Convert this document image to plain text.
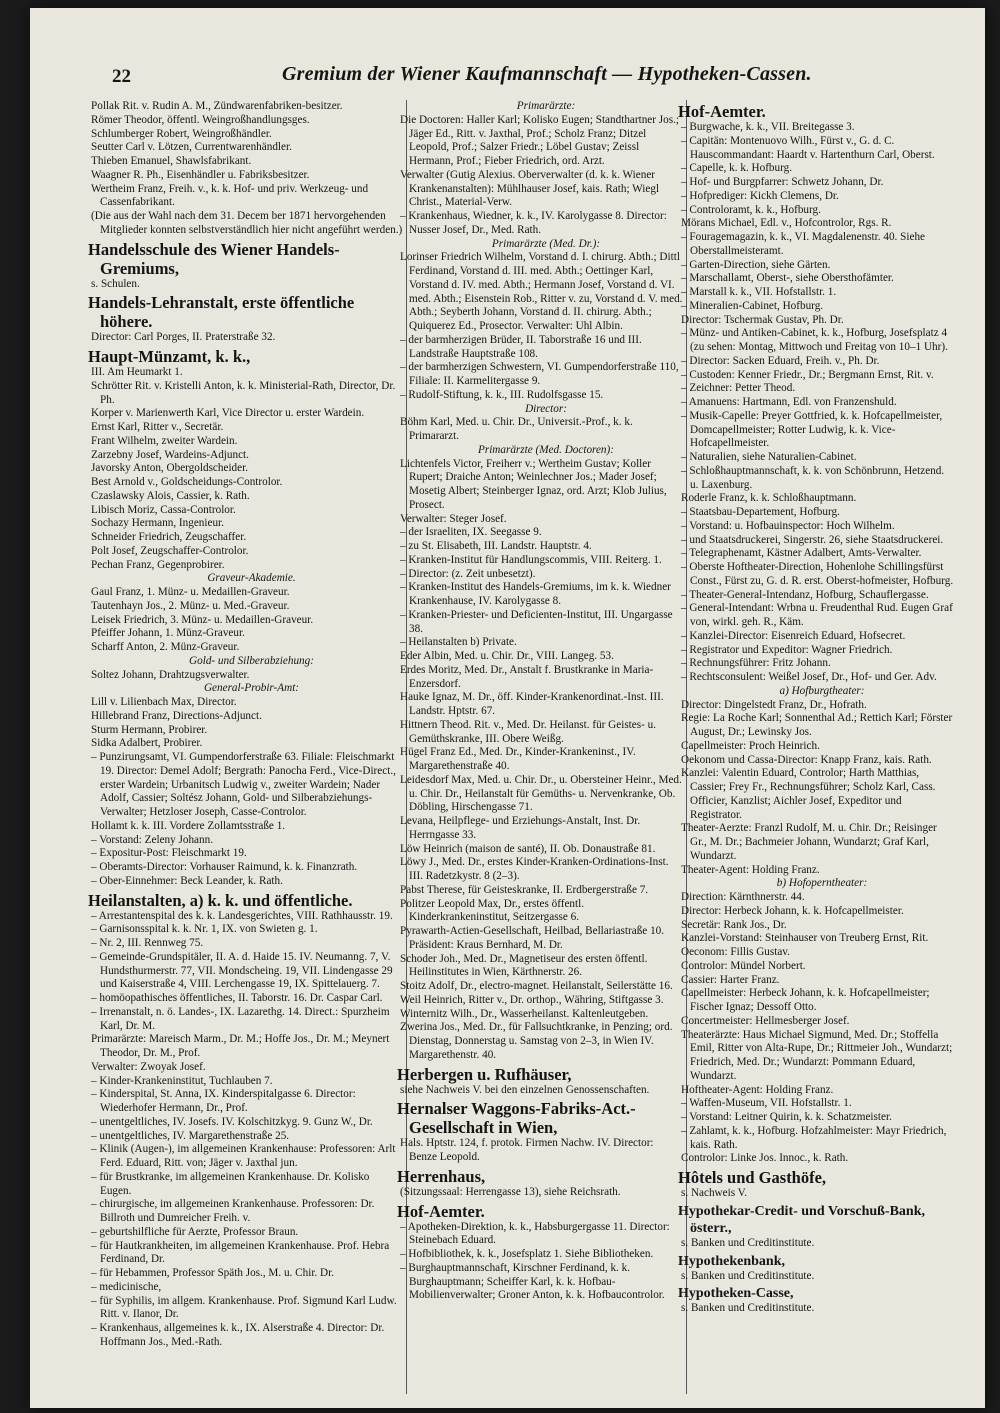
22	Gremium der Wiener Kaufmannschaft — Hypotheken-Cassen.
Pollak Rit. v. Rudin A. M., Zündwarenfabriken-besitzer.
Römer Theodor, öffentl. Weingroßhandlungsges.
Schlumberger Robert, Weingroßhändler.
Seutter Carl v. Lötzen, Currentwarenhändler.
Thieben Emanuel, Shawlsfabrikant.
Waagner R. Ph., Eisenhändler u. Fabriksbesitzer.
Wertheim Franz, Freih. v., k. k. Hof- und priv. Werkzeug- und Cassenfabrikant.
(Die aus der Wahl nach dem 31. Decem ber 1871 hervorgehenden Mitglieder konnten selbstverständlich hier nicht angeführt werden.)
Handelsschule des Wiener Handels-Gremiums,
s. Schulen.
Handels-Lehranstalt, erste öffentliche höhere.
Director: Carl Porges, II. Praterstraße 32.
Haupt-Münzamt, k. k.,
III. Am Heumarkt 1.
Schrötter Rit. v. Kristelli Anton, k. k. Ministerial-Rath, Director, Dr. Ph.
Korper v. Marienwerth Karl, Vice Director u. erster Wardein.
Ernst Karl, Ritter v., Secretär.
Frant Wilhelm, zweiter Wardein.
Zarzebny Josef, Wardeins-Adjunct.
Javorsky Anton, Obergoldscheider.
Best Arnold v., Goldscheidungs-Controlor.
Czaslawsky Alois, Cassier, k. Rath.
Libisch Moriz, Cassa-Controlor.
Sochazy Hermann, Ingenieur.
Schneider Friedrich, Zeugschaffer.
Polt Josef, Zeugschaffer-Controlor.
Pechan Franz, Gegenprobirer.
Graveur-Akademie.
Gaul Franz, 1. Münz- u. Medaillen-Graveur.
Tautenhayn Jos., 2. Münz- u. Med.-Graveur.
Leisek Friedrich, 3. Münz- u. Medaillen-Graveur.
Pfeiffer Johann, 1. Münz-Graveur.
Scharff Anton, 2. Münz-Graveur.
Gold- und Silberabziehung:
Soltez Johann, Drahtzugsverwalter.
General-Probir-Amt:
Lill v. Lilienbach Max, Director.
Hillebrand Franz, Directions-Adjunct.
Sturm Hermann, Probirer.
Sidka Adalbert, Probirer.
– Punzirungsamt, VI. Gumpendorferstraße 63. Filiale: Fleischmarkt 19. Director: Demel Adolf; Bergrath: Panocha Ferd., Vice-Direct., erster Wardein; Urbanitsch Ludwig v., zweiter Wardein; Nader Adolf, Cassier; Soltész Johann, Gold- und Silberabziehungs-Verwalter; Hetzloser Joseph, Casse-Controlor.
Hollamt k. k. III. Vordere Zollamtsstraße 1.
– Vorstand: Zeleny Johann.
– Expositur-Post: Fleischmarkt 19.
– Oberamts-Director: Vorhauser Raimund, k. k. Finanzrath.
– Ober-Einnehmer: Beck Leander, k. Rath.
Heilanstalten, a) k. k. und öffentliche.
– Arrestantenspital des k. k. Landesgerichtes, VIII. Rathhausstr. 19.
– Garnisonsspital k. k. Nr. 1, IX. von Swieten g. 1.
– Nr. 2, III. Rennweg 75.
– Gemeinde-Grundspitäler, II. A. d. Haide 15. IV. Neumanng. 7, V. Hundsthurmerstr. 77, VII. Mondscheing. 19, VII. Lindengasse 29 und Kaiserstraße 4, VIII. Lerchengasse 19, IX. Spittelauerg. 7.
– homöopathisches öffentliches, II. Taborstr. 16. Dr. Caspar Carl.
– Irrenanstalt, n. ö. Landes-, IX. Lazarethg. 14. Direct.: Spurzheim Karl, Dr. M.
Primarärzte: Mareisch Marm., Dr. M.; Hoffe Jos., Dr. M.; Meynert Theodor, Dr. M., Prof.
Verwalter: Zwoyak Josef.
– Kinder-Krankeninstitut, Tuchlauben 7.
– Kinderspital, St. Anna, IX. Kinderspitalgasse 6. Director: Wiederhofer Hermann, Dr., Prof.
– unentgeltliches, IV. Josefs. IV. Kolschitzkyg. 9. Gunz W., Dr.
– unentgeltliches, IV. Margarethenstraße 25.
– Klinik (Augen-), im allgemeinen Krankenhause: Professoren: Arlt Ferd. Eduard, Ritt. von; Jäger v. Jaxthal jun.
– für Brustkranke, im allgemeinen Krankenhause. Dr. Kolisko Eugen.
– chirurgische, im allgemeinen Krankenhause. Professoren: Dr. Billroth und Dumreicher Freih. v.
– geburtshilfliche für Aerzte, Professor Braun.
– für Hautkrankheiten, im allgemeinen Krankenhause. Prof. Hebra Ferdinand, Dr.
– für Hebammen, Professor Späth Jos., M. u. Chir. Dr.
– medicinische,
– für Syphilis, im allgem. Krankenhause. Prof. Sigmund Karl Ludw. Ritt. v. Ilanor, Dr.
– Krankenhaus, allgemeines k. k., IX. Alserstraße 4. Director: Dr. Hoffmann Jos., Med.-Rath.
Primarärzte:
Die Doctoren: Haller Karl; Kolisko Eugen; Standthartner Jos.; Jäger Ed., Ritt. v. Jaxthal, Prof.; Scholz Franz; Ditzel Leopold, Prof.; Salzer Friedr.; Löbel Gustav; Zeissl Hermann, Prof.; Fieber Friedrich, ord. Arzt.
Verwalter (Gutig Alexius. Oberverwalter (d. k. k. Wiener Krankenanstalten): Mühlhauser Josef, kais. Rath; Wiegl Christ., Material-Verw.
– Krankenhaus, Wiedner, k. k., IV. Karolygasse 8. Director: Nusser Josef, Dr., Med. Rath.
Primarärzte (Med. Dr.):
Lorinser Friedrich Wilhelm, Vorstand d. I. chirurg. Abth.; Dittl Ferdinand, Vorstand d. III. med. Abth.; Oettinger Karl, Vorstand d. IV. med. Abth.; Hermann Josef, Vorstand d. VI. med. Abth.; Eisenstein Rob., Ritter v. zu, Vorstand d. V. med. Abth.; Seyberth Johann, Vorstand d. II. chirurg. Abth.; Quiquerez Ed., Prosector. Verwalter: Uhl Albin.
– der barmherzigen Brüder, II. Taborstraße 16 und III. Landstraße Hauptstraße 108.
– der barmherzigen Schwestern, VI. Gumpendorferstraße 110, Filiale: II. Karmelitergasse 9.
– Rudolf-Stiftung, k. k., III. Rudolfsgasse 15.
Director:
Böhm Karl, Med. u. Chir. Dr., Universit.-Prof., k. k. Primararzt.
Primarärzte (Med. Doctoren):
Lichtenfels Victor, Freiherr v.; Wertheim Gustav; Koller Rupert; Draiche Anton; Weinlechner Jos.; Mader Josef; Mosetig Albert; Steinberger Ignaz, ord. Arzt; Klob Julius, Prosect.
Verwalter: Steger Josef.
– der Israeliten, IX. Seegasse 9.
– zu St. Elisabeth, III. Landstr. Hauptstr. 4.
– Kranken-Institut für Handlungscommis, VIII. Reiterg. 1.
– Director: (z. Zeit unbesetzt).
– Kranken-Institut des Handels-Gremiums, im k. k. Wiedner Krankenhause, IV. Karolygasse 8.
– Kranken-Priester- und Deficienten-Institut, III. Ungargasse 38.
– Heilanstalten b) Private.
Eder Albin, Med. u. Chir. Dr., VIII. Langeg. 53.
Erdes Moritz, Med. Dr., Anstalt f. Brustkranke in Maria-Enzersdorf.
Hauke Ignaz, M. Dr., öff. Kinder-Krankenordinat.-Inst. III. Landstr. Hptstr. 67.
Hittnern Theod. Rit. v., Med. Dr. Heilanst. für Geistes- u. Gemüthskranke, III. Obere Weißg.
Hügel Franz Ed., Med. Dr., Kinder-Krankeninst., IV. Margarethenstraße 40.
Leidesdorf Max, Med. u. Chir. Dr., u. Obersteiner Heinr., Med. u. Chir. Dr., Heilanstalt für Gemüths- u. Nervenkranke, Ob. Döbling, Hirschengasse 71.
Levana, Heilpflege- und Erziehungs-Anstalt, Inst. Dr. Herrngasse 33.
Löw Heinrich (maison de santé), II. Ob. Donaustraße 81.
Löwy J., Med. Dr., erstes Kinder-Kranken-Ordinations-Inst. III. Radetzkystr. 8 (2–3).
Pabst Therese, für Geisteskranke, II. Erdbergerstraße 7.
Politzer Leopold Max, Dr., erstes öffentl. Kinderkrankeninstitut, Seitzergasse 6.
Pyrawarth-Actien-Gesellschaft, Heilbad, Bellariastraße 10. Präsident: Kraus Bernhard, M. Dr.
Schoder Joh., Med. Dr., Magnetiseur des ersten öffentl. Heilinstitutes in Wien, Kärthnerstr. 26.
Stoitz Adolf, Dr., electro-magnet. Heilanstalt, Seilerstätte 16.
Weil Heinrich, Ritter v., Dr. orthop., Währing, Stiftgasse 3.
Winternitz Wilh., Dr., Wasserheilanst. Kaltenleutgeben.
Zwerina Jos., Med. Dr., für Fallsuchtkranke, in Penzing; ord. Dienstag, Donnerstag u. Samstag von 2–3, in Wien IV. Margarethenstr. 40.
Herbergen u. Rufhäuser,
siehe Nachweis V. bei den einzelnen Genossenschaften.
Hernalser Waggons-Fabriks-Act.-Gesellschaft in Wien,
Hals. Hptstr. 124, f. protok. Firmen Nachw. IV. Director: Benze Leopold.
Herrenhaus,
(Sitzungssaal: Herrengasse 13), siehe Reichsrath.
Hof-Aemter.
– Apotheken-Direktion, k. k., Habsburgergasse 11. Director: Steinebach Eduard.
– Hofbibliothek, k. k., Josefsplatz 1. Siehe Bibliotheken.
– Burghauptmannschaft, Kirschner Ferdinand, k. k. Burghauptmann; Scheiffer Karl, k. k. Hofbau-Mobilienverwalter; Groner Anton, k. k. Hofbaucontrolor.
Hof-Aemter.
– Burgwache, k. k., VII. Breitegasse 3.
– Capitän: Montenuovo Wilh., Fürst v., G. d. C. Hauscommandant: Haardt v. Hartenthurn Carl, Oberst.
– Capelle, k. k. Hofburg.
– Hof- und Burgpfarrer: Schwetz Johann, Dr.
– Hofprediger: Kickh Clemens, Dr.
– Controloramt, k. k., Hofburg.
Mörans Michael, Edl. v., Hofcontrolor, Rgs. R.
– Fouragemagazin, k. k., VI. Magdalenenstr. 40. Siehe Oberstallmeisteramt.
– Garten-Direction, siehe Gärten.
– Marschallamt, Oberst-, siehe Obersthofämter.
– Marstall k. k., VII. Hofstallstr. 1.
– Mineralien-Cabinet, Hofburg.
Director: Tschermak Gustav, Ph. Dr.
– Münz- und Antiken-Cabinet, k. k., Hofburg, Josefsplatz 4 (zu sehen: Montag, Mittwoch und Freitag von 10–1 Uhr).
– Director: Sacken Eduard, Freih. v., Ph. Dr.
– Custoden: Kenner Friedr., Dr.; Bergmann Ernst, Rit. v.
– Zeichner: Petter Theod.
– Amanuens: Hartmann, Edl. von Franzenshuld.
– Musik-Capelle: Preyer Gottfried, k. k. Hofcapellmeister, Domcapellmeister; Rotter Ludwig, k. k. Vice-Hofcapellmeister.
– Naturalien, siehe Naturalien-Cabinet.
– Schloßhauptmannschaft, k. k. von Schönbrunn, Hetzend. u. Laxenburg.
Roderle Franz, k. k. Schloßhauptmann.
– Staatsbau-Departement, Hofburg.
– Vorstand: u. Hofbauinspector: Hoch Wilhelm.
– und Staatsdruckerei, Singerstr. 26, siehe Staatsdruckerei.
– Telegraphenamt, Kästner Adalbert, Amts-Verwalter.
– Oberste Hoftheater-Direction, Hohenlohe Schillingsfürst Const., Fürst zu, G. d. R. erst. Oberst-hofmeister, Hofburg.
– Theater-General-Intendanz, Hofburg, Schauflergasse.
– General-Intendant: Wrbna u. Freudenthal Rud. Eugen Graf von, wirkl. geh. R., Käm.
– Kanzlei-Director: Eisenreich Eduard, Hofsecret.
– Registrator und Expeditor: Wagner Friedrich.
– Rechnungsführer: Fritz Johann.
– Rechtsconsulent: Weißel Josef, Dr., Hof- und Ger. Adv.
a) Hofburgtheater:
Director: Dingelstedt Franz, Dr., Hofrath.
Regie: La Roche Karl; Sonnenthal Ad.; Rettich Karl; Förster August, Dr.; Lewinsky Jos.
Capellmeister: Proch Heinrich.
Oekonom und Cassa-Director: Knapp Franz, kais. Rath.
Kanzlei: Valentin Eduard, Controlor; Harth Matthias, Cassier; Frey Fr., Rechnungsführer; Scholz Karl, Cass. Officier, Kanzlist; Aichler Josef, Expeditor und Registrator.
Theater-Aerzte: Franzl Rudolf, M. u. Chir. Dr.; Reisinger Gr., M. Dr.; Bachmeier Johann, Wundarzt; Graf Karl, Wundarzt.
Theater-Agent: Holding Franz.
b) Hofoperntheater:
Direction: Kärnthnerstr. 44.
Director: Herbeck Johann, k. k. Hofcapellmeister.
Secretär: Rank Jos., Dr.
Kanzlei-Vorstand: Steinhauser von Treuberg Ernst, Rit.
Oeconom: Fillis Gustav.
Controlor: Mündel Norbert.
Cassier: Harter Franz.
Capellmeister: Herbeck Johann, k. k. Hofcapellmeister; Fischer Ignaz; Dessoff Otto.
Concertmeister: Hellmesberger Josef.
Theaterärzte: Haus Michael Sigmund, Med. Dr.; Stoffella Emil, Ritter von Alta-Rupe, Dr.; Rittmeier Joh., Wundarzt; Friedrich, Med. Dr.; Wundarzt: Pommann Eduard, Wundarzt.
Hoftheater-Agent: Holding Franz.
– Waffen-Museum, VII. Hofstallstr. 1.
– Vorstand: Leitner Quirin, k. k. Schatzmeister.
– Zahlamt, k. k., Hofburg. Hofzahlmeister: Mayr Friedrich, kais. Rath.
Controlor: Linke Jos. Innoc., k. Rath.
Hôtels und Gasthöfe,
s. Nachweis V.
Hypothekar-Credit- und Vorschuß-Bank, österr.,
s. Banken und Creditinstitute.
Hypothekenbank,
s. Banken und Creditinstitute.
Hypotheken-Casse,
s. Banken und Creditinstitute.
